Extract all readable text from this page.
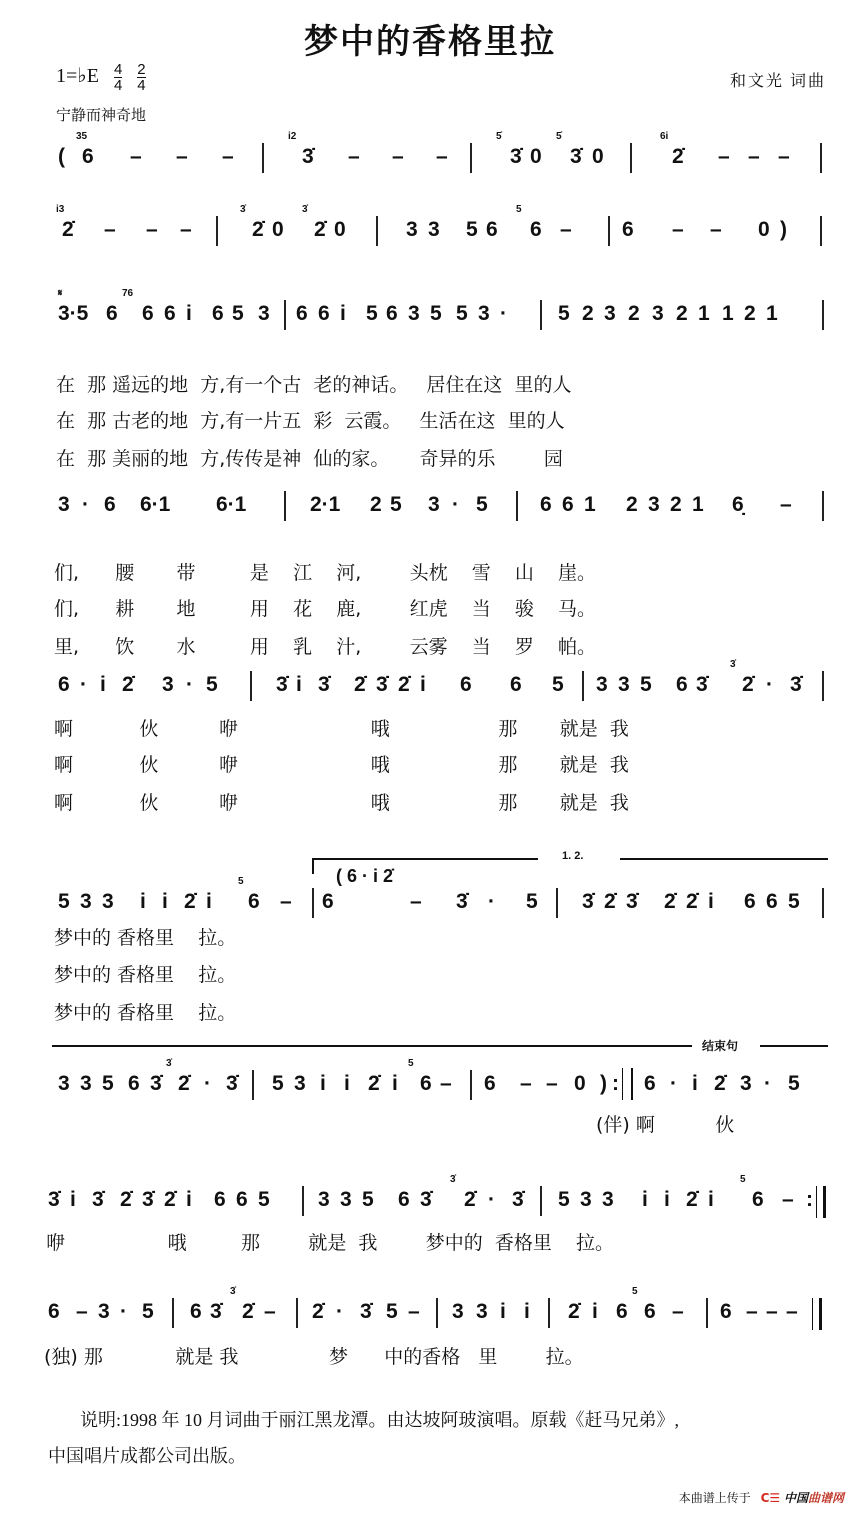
梦中的香格里拉
1=♭E $\frac{4}{4}$
$\frac{2}{4}$	和文光 词曲
宁静而神奇地
( 6 – – –	3̇ – – –	3̇ 0 3̇ 0	2̇ – – –
35	i2	5̇	5̇	6i
2̇ – – –	2̇ 0 2̇ 0	3 3 5 6 6 – 6 – – 0 )
i3	3̇	3̇	5
3·5 6 6 6 i 6 5 3 6 6 i 5 6 3 5 5 3 · 5 2 3 2 3 2 1 1 2 1
𝄋	76
3 · 6 6·1 6·1	2·1 2 5 3 · 5 6 6 1 2 3 2 1 6̣ –
6 · i 2̇ 3 · 5	3̇ i 3̇ 2̇ 3̇ 2̇ i 6 6 5 3 3 5 6 3̇ 2̇ · 3̇
3̇
5 3 3 i i 2̇ i 6 – 6	– 3̇ · 5 3̇ 2̇ 3̇ 2̇ 2̇ i 6 6 5
( 6 · i 2̇
5
3 3 5 6 3̇ 2̇ · 3̇ 5 3 i i 2̇ i 6 – 6 – – 0 ) : 6 · i 2̇ 3 · 5
3̇	5
3̇ i 3̇ 2̇ 3̇ 2̇ i 6 6 5 3 3 5 6 3̇ 2̇ · 3̇ 5 3 3 i i 2̇ i 6 – :
3̇	5
6 – 3 · 5 6 3̇ 2̇ – 2̇ · 3̇ 5 – 3 3 i i 2̇ i 6 6 – 6 – – –
3̇	5
在  那 遥远的地  方,有一个古  老的神话。   居住在这  里的人
在  那 古老的地  方,有一片五  彩  云霞。   生活在这  里的人
在  那 美丽的地  方,传传是神  仙的家。     奇异的乐        园
们,      腰       带         是    江    河,        头枕    雪    山    崖。
们,      耕       地         用    花    鹿,        红虎    当    骏    马。
里,      饮       水         用    乳    汁,        云雾    当    罗    帕。
啊           伙          咿                      哦                  那       就是  我
啊           伙          咿                      哦                  那       就是  我
啊           伙          咿                      哦                  那       就是  我
梦中的 香格里    拉。
梦中的 香格里    拉。
梦中的 香格里    拉。
(伴) 啊          伙
咿                 哦         那        就是  我        梦中的  香格里    拉。
(独) 那            就是 我               梦      中的香格   里        拉。
1. 2.
结束句
说明:1998 年 10 月词曲于丽江黑龙潭。由达坡阿玻演唱。原载《赶马兄弟》,
中国唱片成都公司出版。
本曲谱上传于 C☰ 中国曲谱网
